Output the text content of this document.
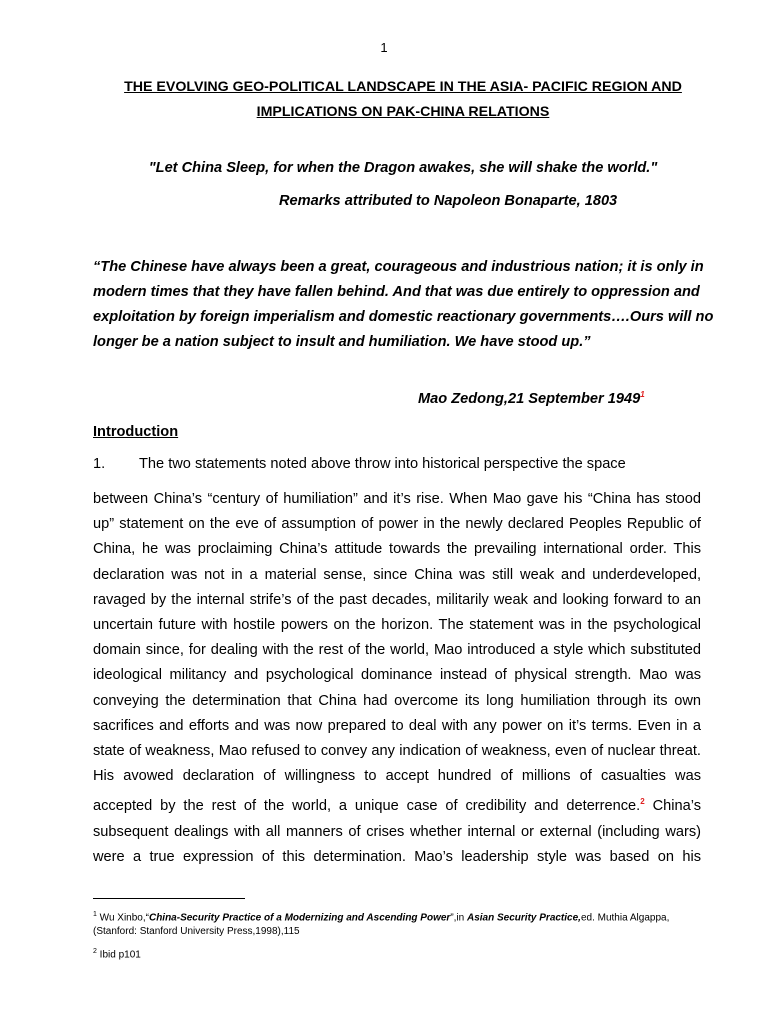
1
THE EVOLVING GEO-POLITICAL LANDSCAPE IN THE ASIA- PACIFIC REGION AND IMPLICATIONS ON PAK-CHINA RELATIONS
"Let China Sleep, for when the Dragon awakes, she will shake the world."
Remarks attributed to Napoleon Bonaparte, 1803
“The Chinese have always been a great, courageous and industrious nation; it is only in modern times that they have fallen behind. And that was due entirely to oppression and exploitation by foreign imperialism and domestic reactionary governments….Ours will no longer be a nation subject to insult and humiliation. We have stood up.”
Mao Zedong,21 September 1949$^1$
Introduction
1. The two statements noted above throw into historical perspective the space
between China’s “century of humiliation” and it’s rise. When Mao gave his “China has stood up” statement on the eve of assumption of power in the newly declared Peoples Republic of China, he was proclaiming China’s attitude towards the prevailing international order. This declaration was not in a material sense, since China was still weak and underdeveloped, ravaged by the internal strife’s of the past decades, militarily weak and looking forward to an uncertain future with hostile powers on the horizon. The statement was in the psychological domain since, for dealing with the rest of the world, Mao introduced a style which substituted ideological militancy and psychological dominance instead of physical strength. Mao was conveying the determination that China had overcome its long humiliation through its own sacrifices and efforts and was now prepared to deal with any power on it’s terms. Even in a state of weakness, Mao refused to convey any indication of weakness, even of nuclear threat. His avowed declaration of willingness to accept hundred of millions of casualties was accepted by the rest of the world, a unique case of credibility and deterrence.$^2$ China’s subsequent dealings with all manners of crises whether internal or external (including wars) were a true expression of this determination. Mao’s leadership style was based on his
$^1$ Wu Xinbo,“China-Security Practice of a Modernizing and Ascending Power”,in Asian Security Practice,ed. Muthia Algappa, (Stanford: Stanford University Press,1998),115
$^2$ Ibid p101
